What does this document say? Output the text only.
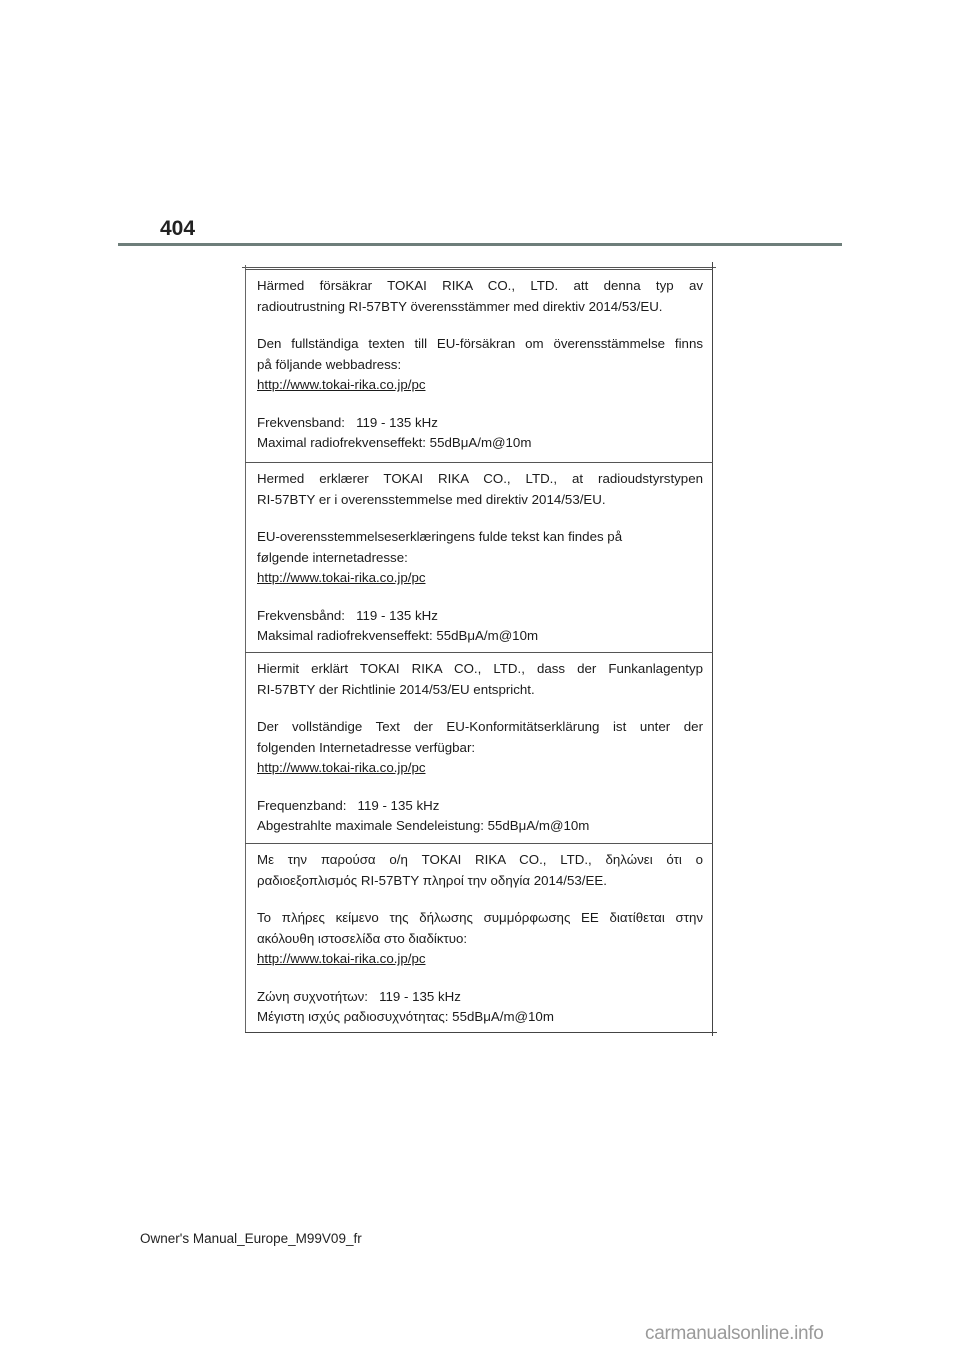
404

Härmed försäkrar TOKAI RIKA CO., LTD. att denna typ av

radioutrustning RI-57BTY överensstämmer med direktiv 2014/53/EU.

Den fullständiga texten till EU-försäkran om överensstämmelse finns

på följande webbadress:

http://www.tokai-rika.co.jp/pc

Frekvensband: 119 - 135 kHz

Maximal radiofrekvenseffekt: 55dBμA/m@10m

Hermed erklærer TOKAI RIKA CO., LTD., at radioudstyrstypen

RI-57BTY er i overensstemmelse med direktiv 2014/53/EU.

EU-overensstemmelseserklæringens fulde tekst kan findes på

følgende internetadresse:

http://www.tokai-rika.co.jp/pc

Frekvensbånd: 119 - 135 kHz

Maksimal radiofrekvenseffekt: 55dBμA/m@10m

Hiermit erklärt TOKAI RIKA CO., LTD., dass der Funkanlagentyp

RI-57BTY der Richtlinie 2014/53/EU entspricht.

Der vollständige Text der EU-Konformitätserklärung ist unter der

folgenden Internetadresse verfügbar:

http://www.tokai-rika.co.jp/pc

Frequenzband: 119 - 135 kHz

Abgestrahlte maximale Sendeleistung: 55dBμA/m@10m

Με την παρούσα ο/η TOKAI RIKA CO., LTD., δηλώνει ότι ο

ραδιοεξοπλισμός RI-57BTY πληροί την οδηγία 2014/53/ΕΕ.

Το πλήρες κείμενο της δήλωσης συμμόρφωσης ΕΕ διατίθεται στην

ακόλουθη ιστοσελίδα στο διαδίκτυο:

http://www.tokai-rika.co.jp/pc

Ζώνη συχνοτήτων: 119 - 135 kHz

Μέγιστη ισχύς ραδιοσυχνότητας: 55dBμA/m@10m

Owner's Manual_Europe_M99V09_fr
carmanualsonline.info
